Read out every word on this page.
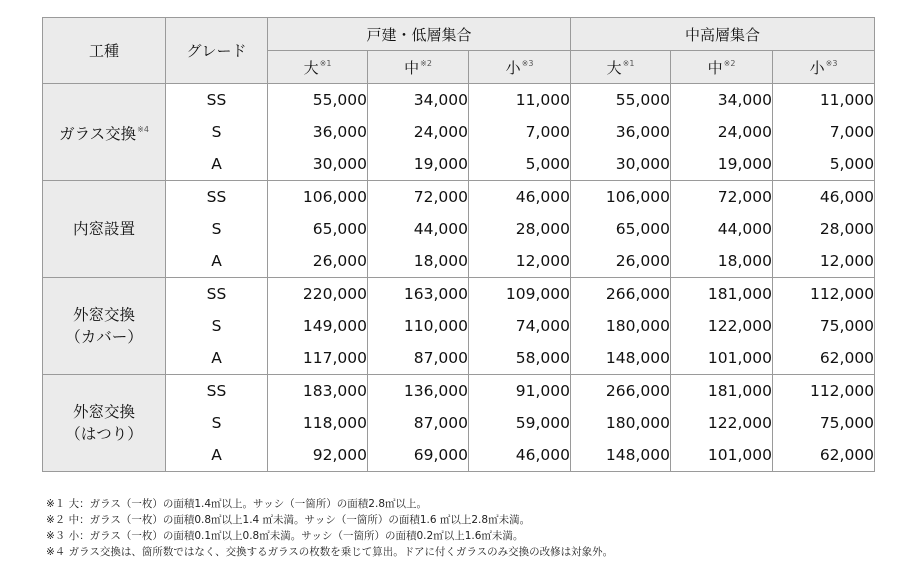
工種	グレード	戸建・低層集合			中高層集合		
		大$^{※1}$	中$^{※2}$	小$^{※3}$	大$^{※1}$	中$^{※2}$	小$^{※3}$
ガラス交換$^{※4}$	SS	55,000	34,000	11,000	55,000	34,000	11,000
	S	36,000	24,000	7,000	36,000	24,000	7,000
	A	30,000	19,000	5,000	30,000	19,000	5,000
内窓設置	SS	106,000	72,000	46,000	106,000	72,000	46,000
	S	65,000	44,000	28,000	65,000	44,000	28,000
	A	26,000	18,000	12,000	26,000	18,000	12,000
外窓交換
（カバー）	SS	220,000	163,000	109,000	266,000	181,000	112,000
	S	149,000	110,000	74,000	180,000	122,000	75,000
	A	117,000	87,000	58,000	148,000	101,000	62,000
外窓交換
（はつり）	SS	183,000	136,000	91,000	266,000	181,000	112,000
	S	118,000	87,000	59,000	180,000	122,000	75,000
	A	92,000	69,000	46,000	148,000	101,000	62,000
※１ 大：ガラス（一枚）の面積1.4㎡以上。サッシ（一箇所）の面積2.8㎡以上。
※２ 中：ガラス（一枚）の面積0.8㎡以上1.4 ㎡未満。サッシ（一箇所）の面積1.6 ㎡以上2.8㎡未満。
※３ 小：ガラス（一枚）の面積0.1㎡以上0.8㎡未満。サッシ（一箇所）の面積0.2㎡以上1.6㎡未満。
※４ ガラス交換は、箇所数ではなく、交換するガラスの枚数を乗じて算出。ドアに付くガラスのみ交換の改修は対象外。
